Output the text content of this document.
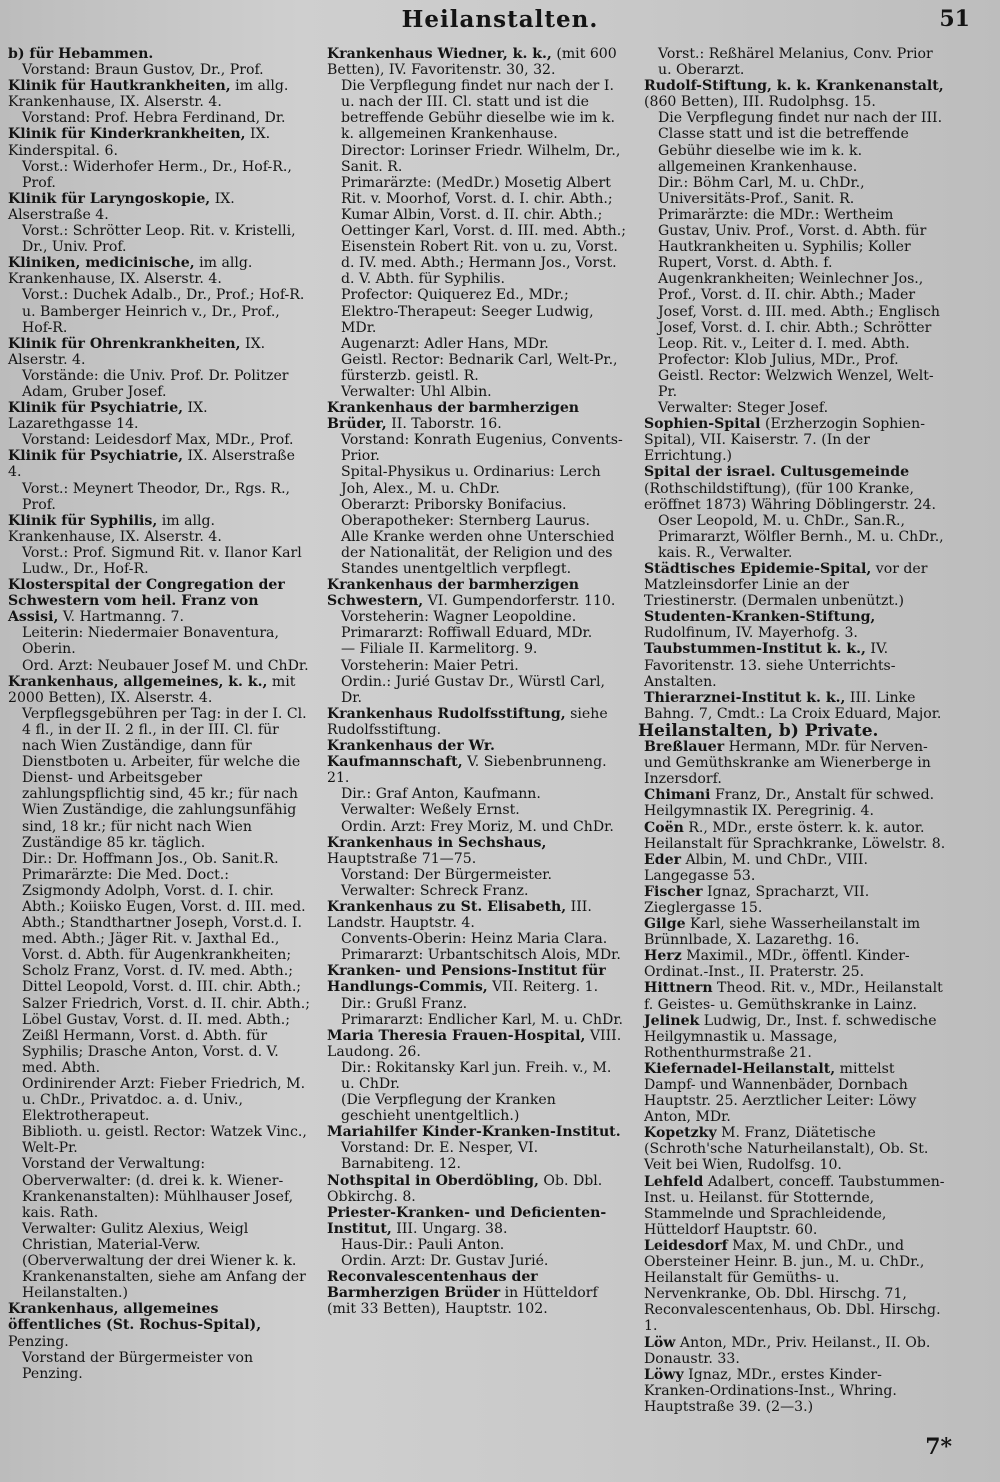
Heilanstalten.	51

b) für Hebammen.

Vorstand: Braun Gustov, Dr., Prof.

Klinik für Hautkrankheiten, im allg. Krankenhause, IX. Alserstr. 4.

Vorstand: Prof. Hebra Ferdinand, Dr.

Klinik für Kinderkrankheiten, IX. Kinderspital. 6.

Vorst.: Widerhofer Herm., Dr., Hof-R., Prof.

Klinik für Laryngoskopie, IX. Alserstraße 4.

Vorst.: Schrötter Leop. Rit. v. Kristelli, Dr., Univ. Prof.

Kliniken, medicinische, im allg. Krankenhause, IX. Alserstr. 4.

Vorst.: Duchek Adalb., Dr., Prof.; Hof-R. u. Bamberger Heinrich v., Dr., Prof., Hof-R.

Klinik für Ohrenkrankheiten, IX. Alserstr. 4.

Vorstände: die Univ. Prof. Dr. Politzer Adam, Gruber Josef.

Klinik für Psychiatrie, IX. Lazarethgasse 14.

Vorstand: Leidesdorf Max, MDr., Prof.

Klinik für Psychiatrie, IX. Alserstraße 4.

Vorst.: Meynert Theodor, Dr., Rgs. R., Prof.

Klinik für Syphilis, im allg. Krankenhause, IX. Alserstr. 4.

Vorst.: Prof. Sigmund Rit. v. Ilanor Karl Ludw., Dr., Hof-R.

Klosterspital der Congregation der Schwestern vom heil. Franz von Assisi, V. Hartmanng. 7.

Leiterin: Niedermaier Bonaventura, Oberin.

Ord. Arzt: Neubauer Josef M. und ChDr.

Krankenhaus, allgemeines, k. k., mit 2000 Betten), IX. Alserstr. 4.

Verpflegsgebühren per Tag: in der I. Cl. 4 fl., in der II. 2 fl., in der III. Cl. für nach Wien Zuständige, dann für Dienstboten u. Arbeiter, für welche die Dienst- und Arbeitsgeber zahlungspflichtig sind, 45 kr.; für nach Wien Zuständige, die zahlungsunfähig sind, 18 kr.; für nicht nach Wien Zuständige 85 kr. täglich.

Dir.: Dr. Hoffmann Jos., Ob. Sanit.R.

Primarärzte: Die Med. Doct.: Zsigmondy Adolph, Vorst. d. I. chir. Abth.; Koiisko Eugen, Vorst. d. III. med. Abth.; Standthartner Joseph, Vorst.d. I. med. Abth.; Jäger Rit. v. Jaxthal Ed., Vorst. d. Abth. für Augenkrankheiten; Scholz Franz, Vorst. d. IV. med. Abth.; Dittel Leopold, Vorst. d. III. chir. Abth.; Salzer Friedrich, Vorst. d. II. chir. Abth.; Löbel Gustav, Vorst. d. II. med. Abth.; Zeißl Hermann, Vorst. d. Abth. für Syphilis; Drasche Anton, Vorst. d. V. med. Abth.

Ordinirender Arzt: Fieber Friedrich, M. u. ChDr., Privatdoc. a. d. Univ., Elektrotherapeut.

Biblioth. u. geistl. Rector: Watzek Vinc., Welt-Pr.

Vorstand der Verwaltung: Oberverwalter: (d. drei k. k. Wiener-Krankenanstalten): Mühlhauser Josef, kais. Rath.

Verwalter: Gulitz Alexius, Weigl Christian, Material-Verw.

(Oberverwaltung der drei Wiener k. k. Krankenanstalten, siehe am Anfang der Heilanstalten.)

Krankenhaus, allgemeines öffentliches (St. Rochus-Spital), Penzing.

Vorstand der Bürgermeister von Penzing.

Krankenhaus Wiedner, k. k., (mit 600 Betten), IV. Favoritenstr. 30, 32.

Die Verpflegung findet nur nach der I. u. nach der III. Cl. statt und ist die betreffende Gebühr dieselbe wie im k. k. allgemeinen Krankenhause.

Director: Lorinser Friedr. Wilhelm, Dr., Sanit. R.

Primarärzte: (MedDr.) Mosetig Albert Rit. v. Moorhof, Vorst. d. I. chir. Abth.; Kumar Albin, Vorst. d. II. chir. Abth.; Oettinger Karl, Vorst. d. III. med. Abth.; Eisenstein Robert Rit. von u. zu, Vorst. d. IV. med. Abth.; Hermann Jos., Vorst. d. V. Abth. für Syphilis.

Profector: Quiquerez Ed., MDr.;

Elektro-Therapeut: Seeger Ludwig, MDr.

Augenarzt: Adler Hans, MDr.

Geistl. Rector: Bednarik Carl, Welt-Pr., fürsterzb. geistl. R.

Verwalter: Uhl Albin.

Krankenhaus der barmherzigen Brüder, II. Taborstr. 16.

Vorstand: Konrath Eugenius, Convents-Prior.

Spital-Physikus u. Ordinarius: Lerch Joh, Alex., M. u. ChDr.

Oberarzt: Priborsky Bonifacius.

Oberapotheker: Sternberg Laurus.

Alle Kranke werden ohne Unterschied der Nationalität, der Religion und des Standes unentgeltlich verpflegt.

Krankenhaus der barmherzigen Schwestern, VI. Gumpendorferstr. 110.

Vorsteherin: Wagner Leopoldine.

Primararzt: Roffiwall Eduard, MDr.

— Filiale II. Karmelitorg. 9.

Vorsteherin: Maier Petri.

Ordin.: Jurié Gustav Dr., Würstl Carl, Dr.

Krankenhaus Rudolfsstiftung, siehe Rudolfsstiftung.

Krankenhaus der Wr. Kaufmannschaft, V. Siebenbrunneng. 21.

Dir.: Graf Anton, Kaufmann.

Verwalter: Weßely Ernst.

Ordin. Arzt: Frey Moriz, M. und ChDr.

Krankenhaus in Sechshaus, Hauptstraße 71—75.

Vorstand: Der Bürgermeister.

Verwalter: Schreck Franz.

Krankenhaus zu St. Elisabeth, III. Landstr. Hauptstr. 4.

Convents-Oberin: Heinz Maria Clara.

Primararzt: Urbantschitsch Alois, MDr.

Kranken- und Pensions-Institut für Handlungs-Commis, VII. Reiterg. 1.

Dir.: Grußl Franz.

Primararzt: Endlicher Karl, M. u. ChDr.

Maria Theresia Frauen-Hospital, VIII. Laudong. 26.

Dir.: Rokitansky Karl jun. Freih. v., M. u. ChDr.

(Die Verpflegung der Kranken geschieht unentgeltlich.)

Mariahilfer Kinder-Kranken-Institut.

Vorstand: Dr. E. Nesper, VI. Barnabiteng. 12.

Nothspital in Oberdöbling, Ob. Dbl. Obkirchg. 8.

Priester-Kranken- und Deficienten-Institut, III. Ungarg. 38.

Haus-Dir.: Pauli Anton.

Ordin. Arzt: Dr. Gustav Jurié.

Reconvalescentenhaus der Barmherzigen Brüder in Hütteldorf (mit 33 Betten), Hauptstr. 102.

Vorst.: Reßhärel Melanius, Conv. Prior u. Oberarzt.

Rudolf-Stiftung, k. k. Krankenanstalt, (860 Betten), III. Rudolphsg. 15.

Die Verpflegung findet nur nach der III. Classe statt und ist die betreffende Gebühr dieselbe wie im k. k. allgemeinen Krankenhause.

Dir.: Böhm Carl, M. u. ChDr., Universitäts-Prof., Sanit. R.

Primarärzte: die MDr.: Wertheim Gustav, Univ. Prof., Vorst. d. Abth. für Hautkrankheiten u. Syphilis; Koller Rupert, Vorst. d. Abth. f. Augenkrankheiten; Weinlechner Jos., Prof., Vorst. d. II. chir. Abth.; Mader Josef, Vorst. d. III. med. Abth.; Englisch Josef, Vorst. d. I. chir. Abth.; Schrötter Leop. Rit. v., Leiter d. I. med. Abth.

Profector: Klob Julius, MDr., Prof.

Geistl. Rector: Welzwich Wenzel, Welt-Pr.

Verwalter: Steger Josef.

Sophien-Spital (Erzherzogin Sophien-Spital), VII. Kaiserstr. 7. (In der Errichtung.)

Spital der israel. Cultusgemeinde (Rothschildstiftung), (für 100 Kranke, eröffnet 1873) Währing Döblingerstr. 24.

Oser Leopold, M. u. ChDr., San.R., Primararzt, Wölfler Bernh., M. u. ChDr., kais. R., Verwalter.

Städtisches Epidemie-Spital, vor der Matzleinsdorfer Linie an der Triestinerstr. (Dermalen unbenützt.)

Studenten-Kranken-Stiftung, Rudolfinum, IV. Mayerhofg. 3.

Taubstummen-Institut k. k., IV. Favoritenstr. 13. siehe Unterrichts-Anstalten.

Thierarznei-Institut k. k., III. Linke Bahng. 7, Cmdt.: La Croix Eduard, Major.

Heilanstalten, b) Private.

Breßlauer Hermann, MDr. für Nerven- und Gemüthskranke am Wienerberge in Inzersdorf.

Chimani Franz, Dr., Anstalt für schwed. Heilgymnastik IX. Peregrinig. 4.

Coën R., MDr., erste österr. k. k. autor. Heilanstalt für Sprachkranke, Löwelstr. 8.

Eder Albin, M. und ChDr., VIII. Langegasse 53.

Fischer Ignaz, Spracharzt, VII. Zieglergasse 15.

Gilge Karl, siehe Wasserheilanstalt im Brünnlbade, X. Lazarethg. 16.

Herz Maximil., MDr., öffentl. Kinder-Ordinat.-Inst., II. Praterstr. 25.

Hittnern Theod. Rit. v., MDr., Heilanstalt f. Geistes- u. Gemüthskranke in Lainz.

Jelinek Ludwig, Dr., Inst. f. schwedische Heilgymnastik u. Massage, Rothenthurmstraße 21.

Kiefernadel-Heilanstalt, mittelst Dampf- und Wannenbäder, Dornbach Hauptstr. 25. Aerztlicher Leiter: Löwy Anton, MDr.

Kopetzky M. Franz, Diätetische (Schroth'sche Naturheilanstalt), Ob. St. Veit bei Wien, Rudolfsg. 10.

Lehfeld Adalbert, conceff. Taubstummen-Inst. u. Heilanst. für Stotternde, Stammelnde und Sprachleidende, Hütteldorf Hauptstr. 60.

Leidesdorf Max, M. und ChDr., und Obersteiner Heinr. B. jun., M. u. ChDr., Heilanstalt für Gemüths- u. Nervenkranke, Ob. Dbl. Hirschg. 71, Reconvalescentenhaus, Ob. Dbl. Hirschg. 1.

Löw Anton, MDr., Priv. Heilanst., II. Ob. Donaustr. 33.

Löwy Ignaz, MDr., erstes Kinder-Kranken-Ordinations-Inst., Whring. Hauptstraße 39. (2—3.)

7*
